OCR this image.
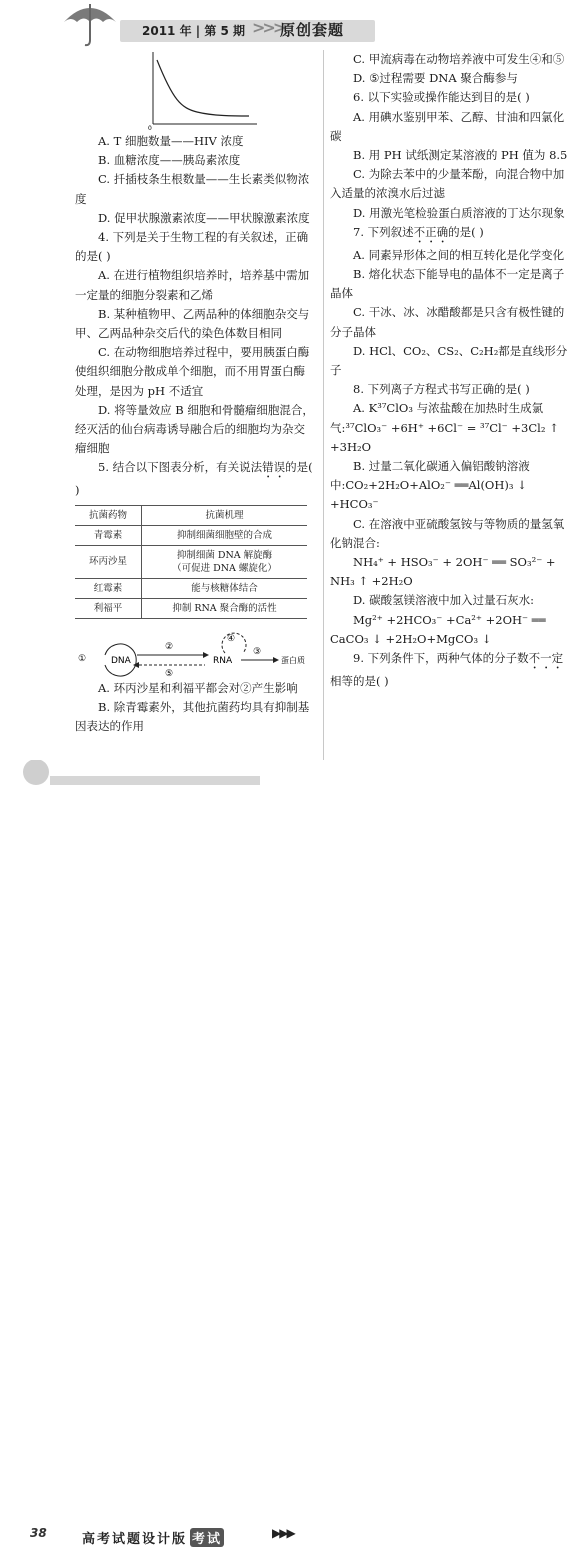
2011 年 | 第 5 期 >>>
原创套题
0

A. T 细胞数量——HIV 浓度

B. 血糖浓度——胰岛素浓度

C. 扦插枝条生根数量——生长素类似物浓度

D. 促甲状腺激素浓度——甲状腺激素浓度

4. 下列是关于生物工程的有关叙述，正确的是( )

A. 在进行植物组织培养时，培养基中需加一定量的细胞分裂素和乙烯

B. 某种植物甲、乙两品种的体细胞杂交与甲、乙两品种杂交后代的染色体数目相同

C. 在动物细胞培养过程中，要用胰蛋白酶使组织细胞分散成单个细胞，而不用胃蛋白酶处理，是因为 pH 不适宜

D. 将等量效应 B 细胞和骨髓瘤细胞混合，经灭活的仙台病毒诱导融合后的细胞均为杂交瘤细胞

5. 结合以下图表分析，有关说法错误的是( )

抗菌药物	抗菌机理
青霉素	抑制细菌细胞壁的合成
环丙沙星	抑制细菌 DNA 解旋酶
（可促进 DNA 螺旋化）
红霉素	能与核糖体结合
利福平	抑制 RNA 聚合酶的活性
①	DNA
②
⑤
④
RNA
③
蛋白质

A. 环丙沙星和利福平都会对②产生影响

B. 除青霉素外，其他抗菌药均具有抑制基因表达的作用

C. 甲流病毒在动物培养液中可发生④和⑤

D. ⑤过程需要 DNA 聚合酶参与

6. 以下实验或操作能达到目的是( )

A. 用碘水鉴别甲苯、乙醇、甘油和四氯化碳

B. 用 PH 试纸测定某溶液的 PH 值为 8.5

C. 为除去苯中的少量苯酚，向混合物中加入适量的浓溴水后过滤

D. 用激光笔检验蛋白质溶液的丁达尔现象

7. 下列叙述不正确的是( )

A. 同素异形体之间的相互转化是化学变化

B. 熔化状态下能导电的晶体不一定是离子晶体

C. 干冰、冰、冰醋酸都是只含有极性键的分子晶体

D. HCl、CO₂、CS₂、C₂H₂都是直线形分子

8. 下列离子方程式书写正确的是( )

A. K³⁷ClO₃ 与浓盐酸在加热时生成氯气:³⁷ClO₃⁻ +6H⁺ +6Cl⁻ = ³⁷Cl⁻ +3Cl₂ ↑ +3H₂O

B. 过量二氧化碳通入偏铝酸钠溶液中:CO₂+2H₂O+AlO₂⁻ ══Al(OH)₃ ↓ +HCO₃⁻

C. 在溶液中亚硫酸氢铵与等物质的量氢氧化钠混合:

NH₄⁺ + HSO₃⁻ + 2OH⁻ ══ SO₃²⁻ +

NH₃ ↑ +2H₂O

D. 碳酸氢镁溶液中加入过量石灰水:

Mg²⁺ +2HCO₃⁻ +Ca²⁺ +2OH⁻ ══

CaCO₃ ↓ +2H₂O+MgCO₃ ↓

9. 下列条件下，两种气体的分子数不一定相等的是( )

38	高考试题设计版 考试	▶▶▶
